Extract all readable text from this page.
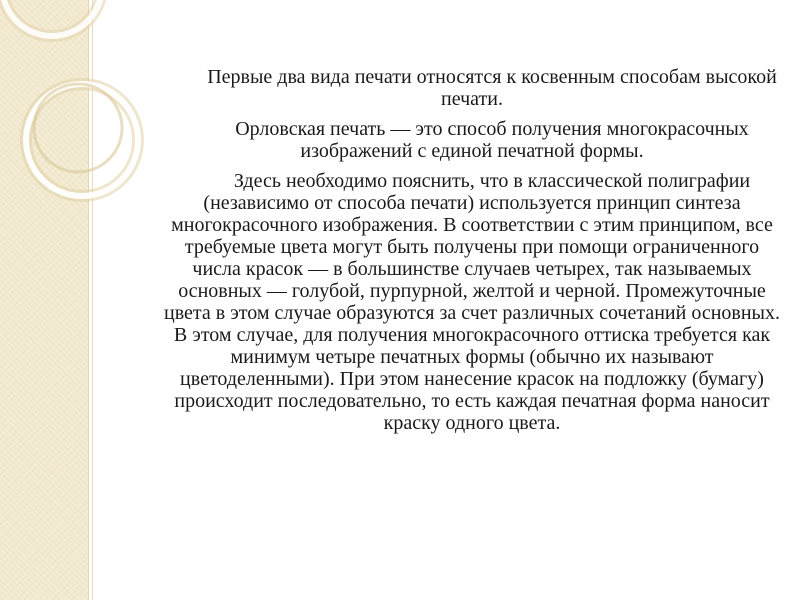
Первые два вида печати относятся к косвенным способам высокой печати.

Орловская печать — это способ получения многокрасочных изображений с единой печатной формы.

Здесь необходимо пояснить, что в классической полиграфии (независимо от способа печати) используется принцип синтеза многокрасочного изображения. В соответствии с этим принципом, все требуемые цвета могут быть получены при помощи ограниченного числа красок — в большинстве случаев четырех, так называемых основных — голубой, пурпурной, желтой и черной. Промежуточные цвета в этом случае образуются за счет различных сочетаний основных. В этом случае, для получения многокрасочного оттиска требуется как минимум четыре печатных формы (обычно их называют цветоделенными). При этом нанесение красок на подложку (бумагу) происходит последовательно, то есть каждая печатная форма наносит краску одного цвета.
